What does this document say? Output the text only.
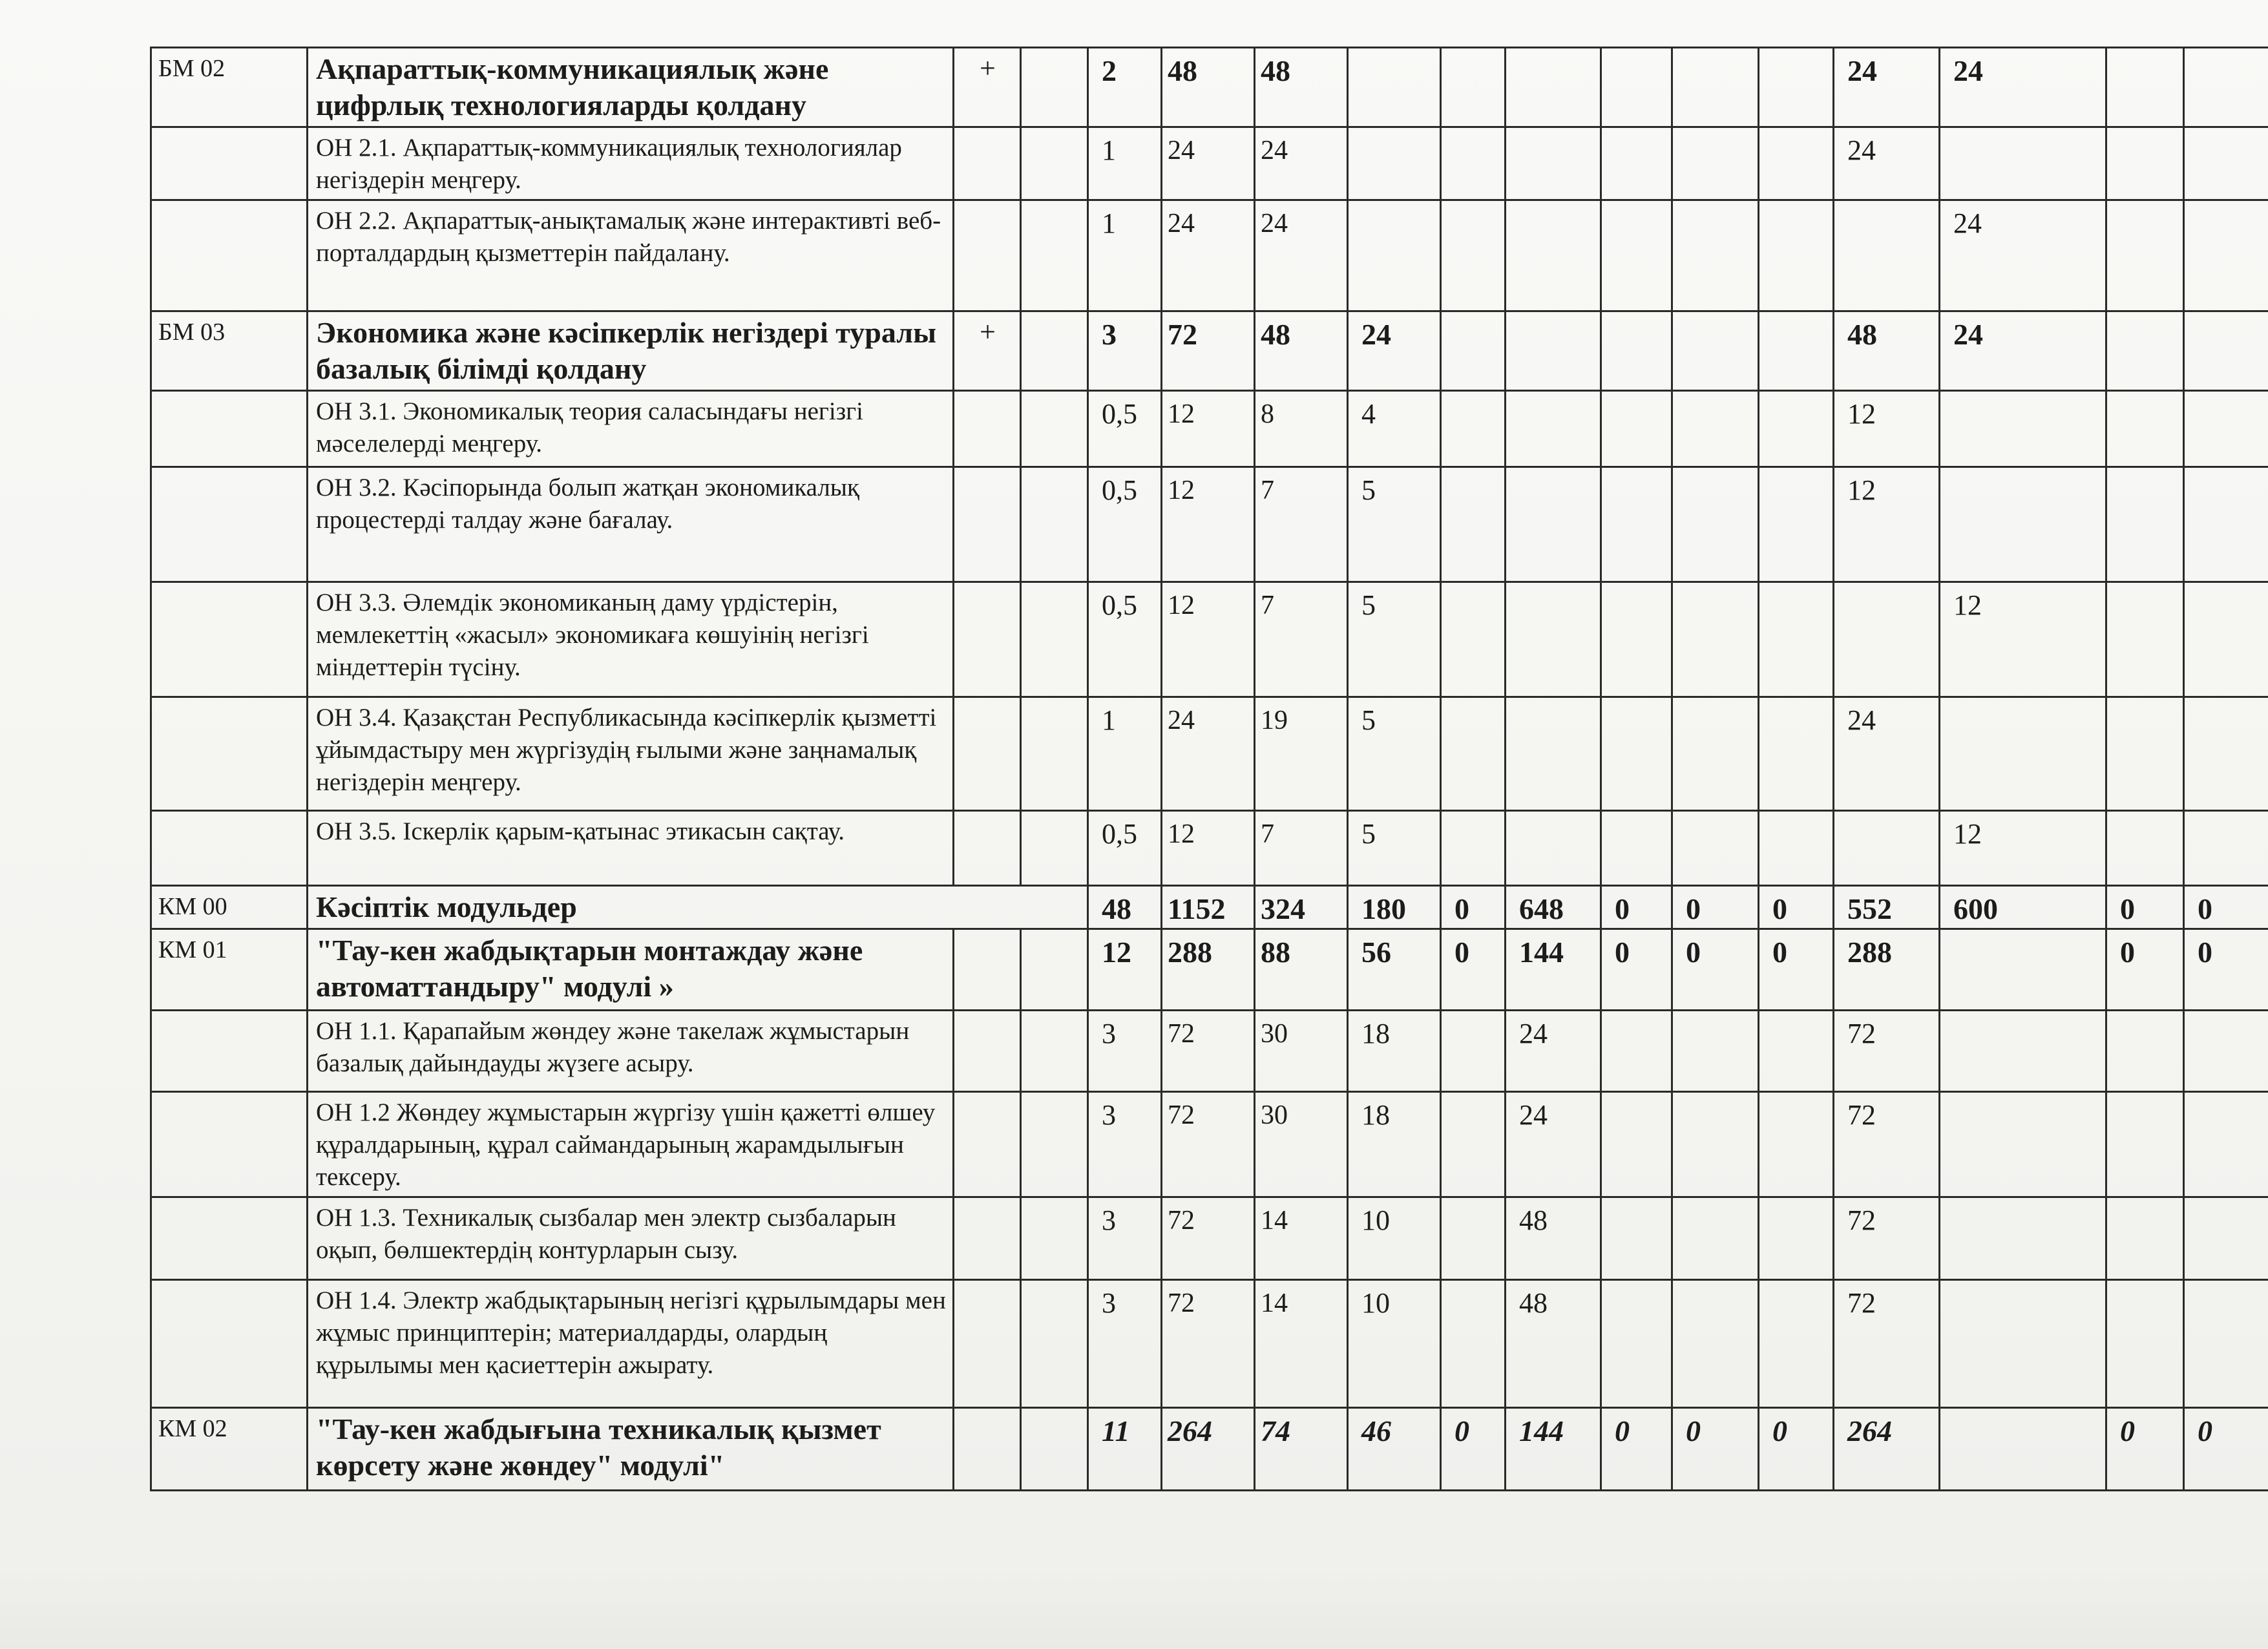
БМ 02	Ақпараттық-коммуникациялық және цифрлық технологияларды қолдану	+		2	48	48							24	24		
	ОН 2.1. Ақпараттық-коммуникациялық технологиялар негіздерін меңгеру.			1	24	24							24			
	ОН 2.2. Ақпараттық-анықтамалық және интерактивті веб-порталдардың қызметтерін пайдалану.			1	24	24								24		
БМ 03	Экономика және кәсіпкерлік негіздері туралы базалық білімді қолдану	+		3	72	48	24						48	24		
	ОН 3.1. Экономикалық теория саласындағы негізгі мәселелерді меңгеру.			0,5	12	8	4						12			
	ОН 3.2. Кәсіпорында болып жатқан экономикалық процестерді талдау және бағалау.			0,5	12	7	5						12			
	ОН 3.3. Әлемдік экономиканың даму үрдістерін, мемлекеттің «жасыл» экономикаға көшуінің негізгі міндеттерін түсіну.			0,5	12	7	5							12		
	ОН 3.4. Қазақстан Республикасында кәсіпкерлік қызметті ұйымдастыру мен жүргізудің ғылыми және заңнамалық негіздерін меңгеру.			1	24	19	5						24			
	ОН 3.5. Іскерлік қарым-қатынас этикасын сақтау.			0,5	12	7	5							12		
КМ 00	Кәсіптік модульдер			48	1152	324	180	0	648	0	0	0	552	600	0	0
КМ 01	"Тау-кен жабдықтарын монтаждау және автоматтандыру" модулі »			12	288	88	56	0	144	0	0	0	288		0	0
	ОН 1.1. Қарапайым жөндеу және такелаж жұмыстарын базалық дайындауды жүзеге асыру.			3	72	30	18		24				72			
	ОН 1.2 Жөндеу жұмыстарын жүргізу үшін қажетті өлшеу құралдарының, құрал саймандарының жарамдылығын тексеру.			3	72	30	18		24				72			
	ОН 1.3. Техникалық сызбалар мен электр сызбаларын оқып, бөлшектердің контурларын сызу.			3	72	14	10		48				72			
	ОН 1.4. Электр жабдықтарының негізгі құрылымдары мен жұмыс принциптерін; материалдарды, олардың құрылымы мен қасиеттерін ажырату.			3	72	14	10		48				72			
КМ 02	"Тау-кен жабдығына техникалық қызмет көрсету және жөндеу" модулі"			11	264	74	46	0	144	0	0	0	264		0	0
